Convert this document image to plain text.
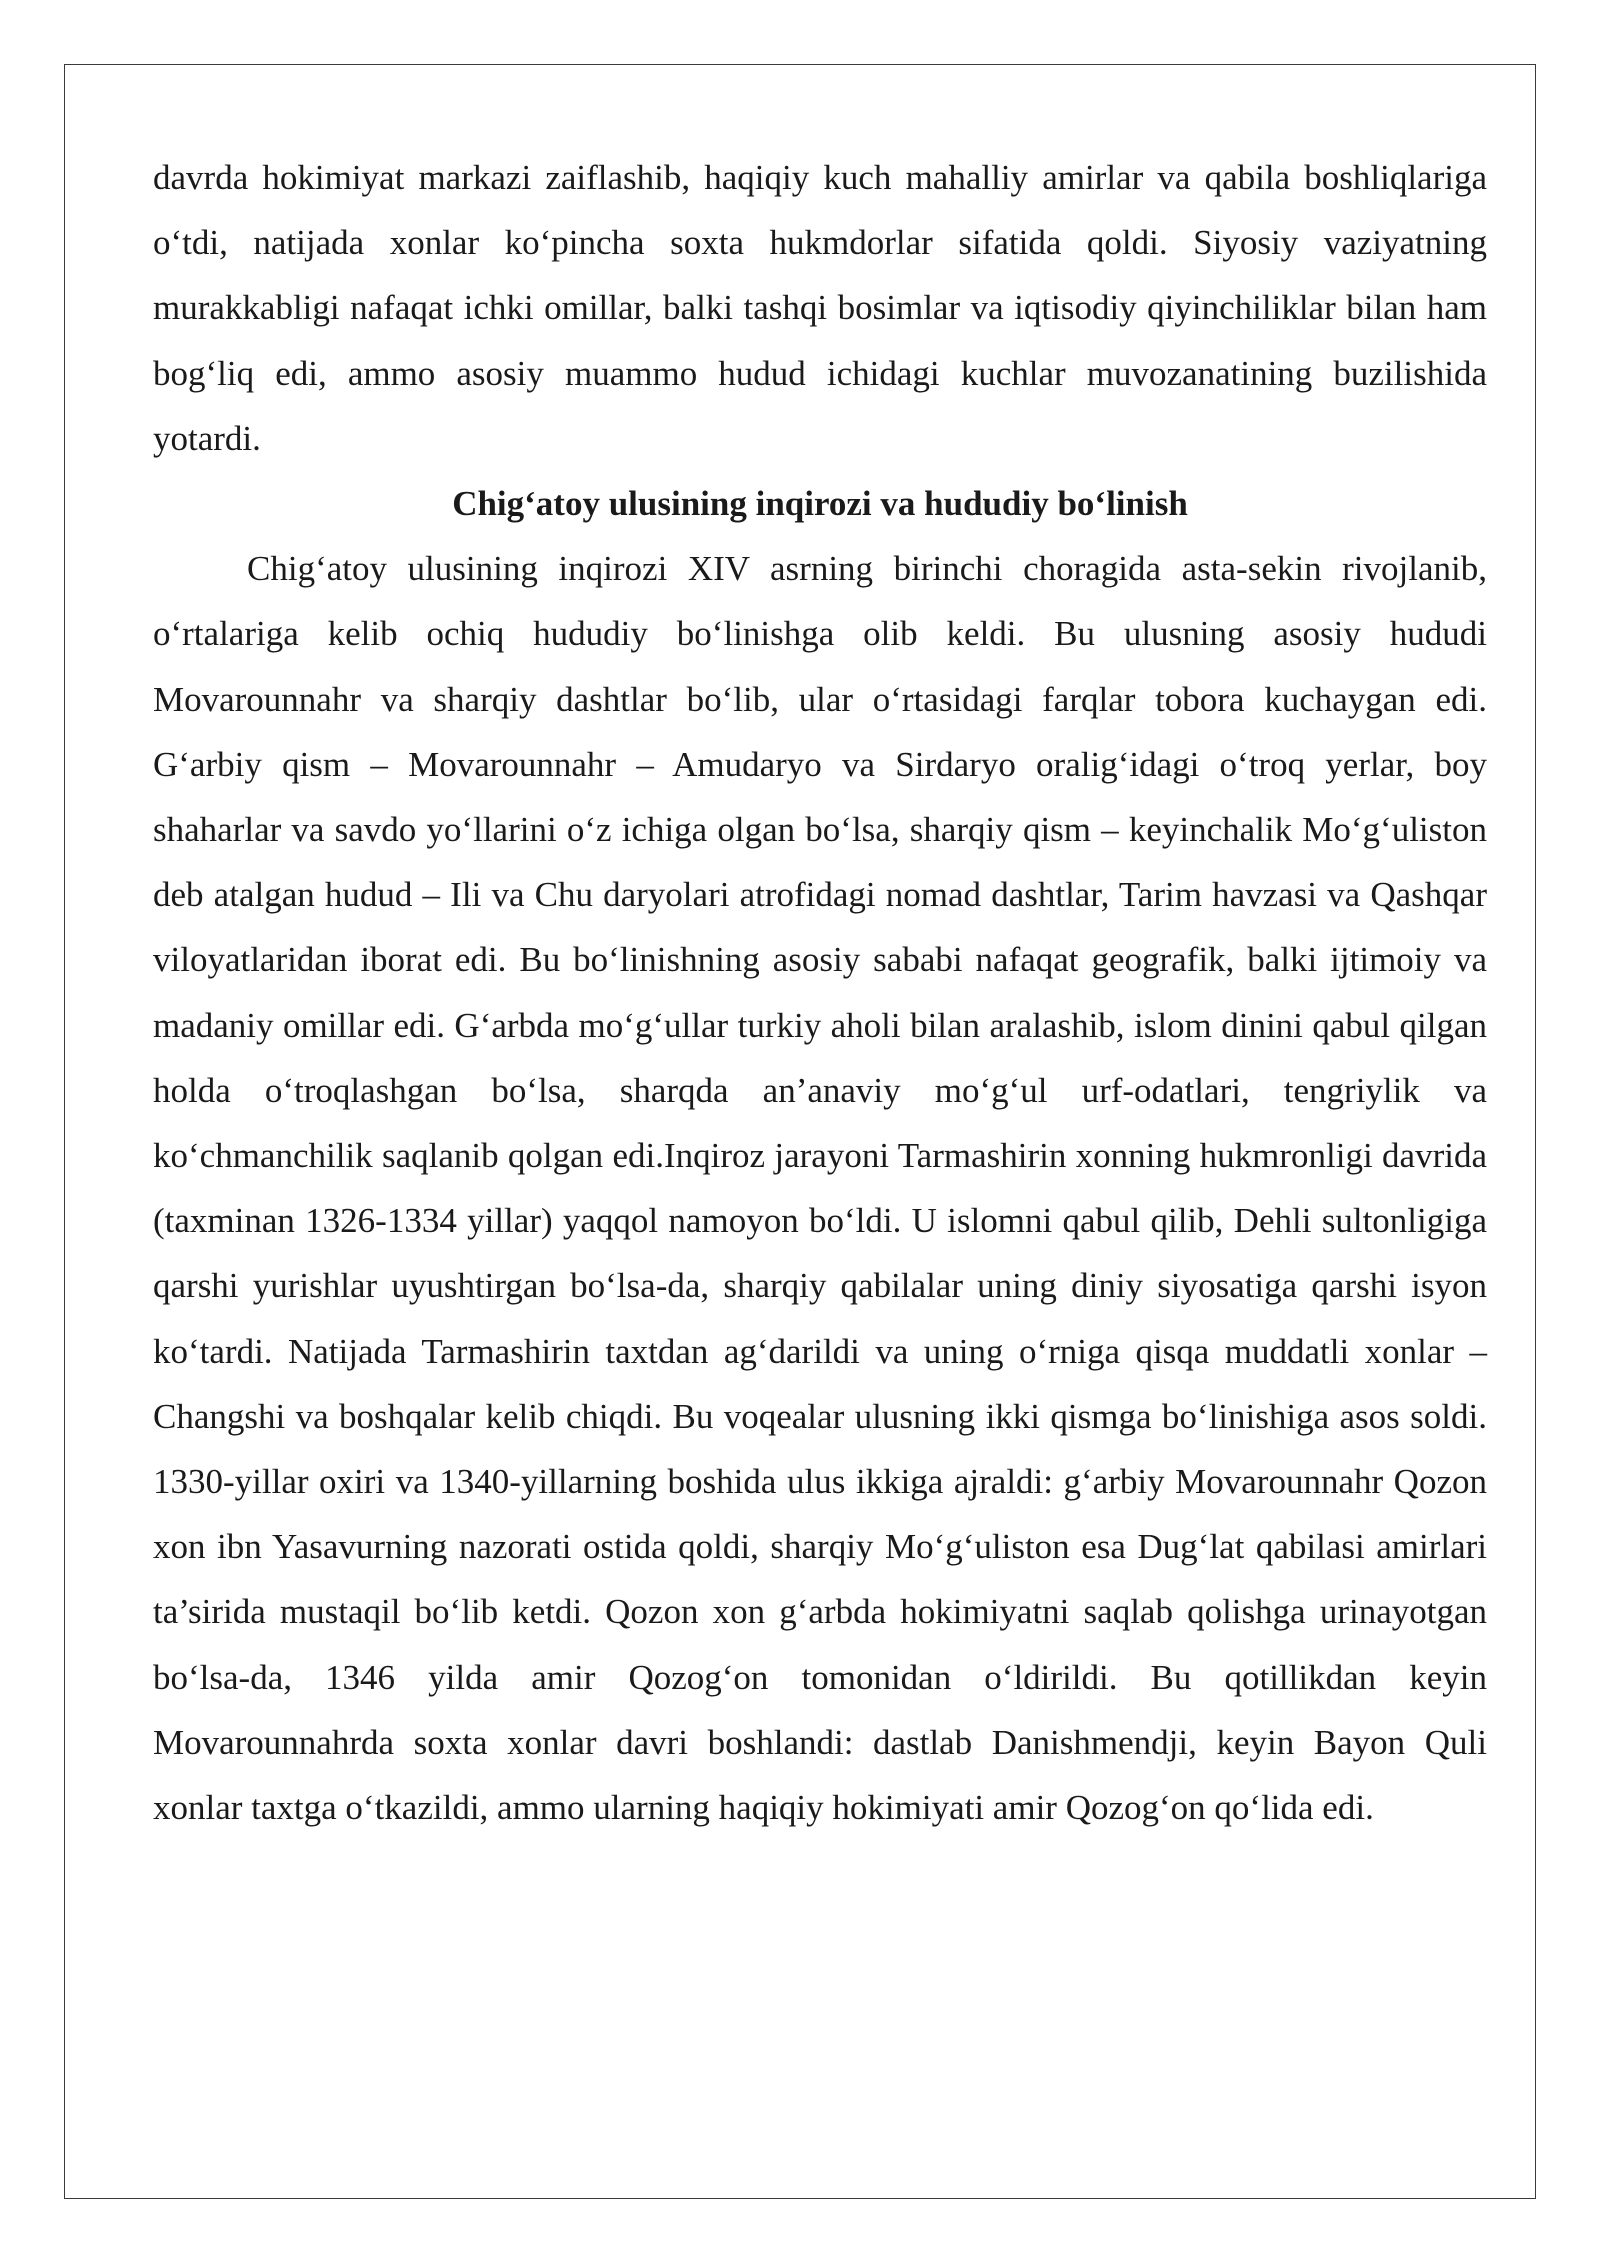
davrda hokimiyat markazi zaiflashib, haqiqiy kuch mahalliy amirlar va qabila boshliqlariga o‘tdi, natijada xonlar ko‘pincha soxta hukmdorlar sifatida qoldi. Siyosiy vaziyatning murakkabligi nafaqat ichki omillar, balki tashqi bosimlar va iqtisodiy qiyinchiliklar bilan ham bog‘liq edi, ammo asosiy muammo hudud ichidagi kuchlar muvozanatining buzilishida yotardi.

Chig‘atoy ulusining inqirozi va hududiy bo‘linish

Chig‘atoy ulusining inqirozi XIV asrning birinchi choragida asta-sekin rivojlanib, o‘rtalariga kelib ochiq hududiy bo‘linishga olib keldi. Bu ulusning asosiy hududi Movarounnahr va sharqiy dashtlar bo‘lib, ular o‘rtasidagi farqlar tobora kuchaygan edi. G‘arbiy qism – Movarounnahr – Amudaryo va Sirdaryo oralig‘idagi o‘troq yerlar, boy shaharlar va savdo yo‘llarini o‘z ichiga olgan bo‘lsa, sharqiy qism – keyinchalik Mo‘g‘uliston deb atalgan hudud – Ili va Chu daryolari atrofidagi nomad dashtlar, Tarim havzasi va Qashqar viloyatlaridan iborat edi. Bu bo‘linishning asosiy sababi nafaqat geografik, balki ijtimoiy va madaniy omillar edi. G‘arbda mo‘g‘ullar turkiy aholi bilan aralashib, islom dinini qabul qilgan holda o‘troqlashgan bo‘lsa, sharqda an’anaviy mo‘g‘ul urf-odatlari, tengriylik va ko‘chmanchilik saqlanib qolgan edi.Inqiroz jarayoni Tarmashirin xonning hukmronligi davrida (taxminan 1326-1334 yillar) yaqqol namoyon bo‘ldi. U islomni qabul qilib, Dehli sultonligiga qarshi yurishlar uyushtirgan bo‘lsa-da, sharqiy qabilalar uning diniy siyosatiga qarshi isyon ko‘tardi. Natijada Tarmashirin taxtdan ag‘darildi va uning o‘rniga qisqa muddatli xonlar – Changshi va boshqalar kelib chiqdi. Bu voqealar ulusning ikki qismga bo‘linishiga asos soldi. 1330-yillar oxiri va 1340-yillarning boshida ulus ikkiga ajraldi: g‘arbiy Movarounnahr Qozon xon ibn Yasavurning nazorati ostida qoldi, sharqiy Mo‘g‘uliston esa Dug‘lat qabilasi amirlari ta’sirida mustaqil bo‘lib ketdi. Qozon xon g‘arbda hokimiyatni saqlab qolishga urinayotgan bo‘lsa-da, 1346 yilda amir Qozog‘on tomonidan o‘ldirildi. Bu qotillikdan keyin Movarounnahrda soxta xonlar davri boshlandi: dastlab Danishmendji, keyin Bayon Quli xonlar taxtga o‘tkazildi, ammo ularning haqiqiy hokimiyati amir Qozog‘on qo‘lida edi.
